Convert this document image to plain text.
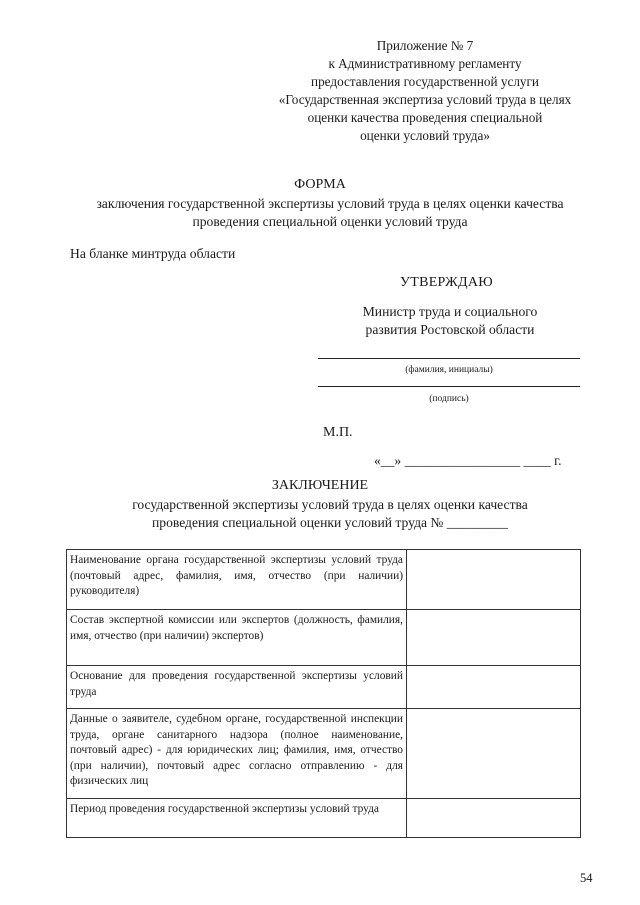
Приложение № 7
к Административному регламенту
предоставления государственной услуги
«Государственная экспертиза условий труда в целях
оценки качества проведения специальной
оценки условий труда»
ФОРМА
заключения государственной экспертизы условий труда в целях оценки качества
проведения специальной оценки условий труда
На бланке минтруда области
УТВЕРЖДАЮ
Министр труда и социального
развития Ростовской области
(фамилия, инициалы)
(подпись)
М.П.
«__» _________________ ____ г.
ЗАКЛЮЧЕНИЕ
государственной экспертизы условий труда в целях оценки качества
проведения специальной оценки условий труда № _________
Наименование органа государственной экспертизы условий труда (почтовый адрес, фамилия, имя, отчество (при наличии) руководителя)	
Состав экспертной комиссии или экспертов (должность, фамилия, имя, отчество (при наличии) экспертов)	
Основание для проведения государственной экспертизы условий труда	
Данные о заявителе, судебном органе, государственной инспекции труда, органе санитарного надзора (полное наименование, почтовый адрес) - для юридических лиц; фамилия, имя, отчество (при наличии), почтовый адрес согласно отправлению - для физических лиц	
Период проведения государственной экспертизы условий труда	
54
